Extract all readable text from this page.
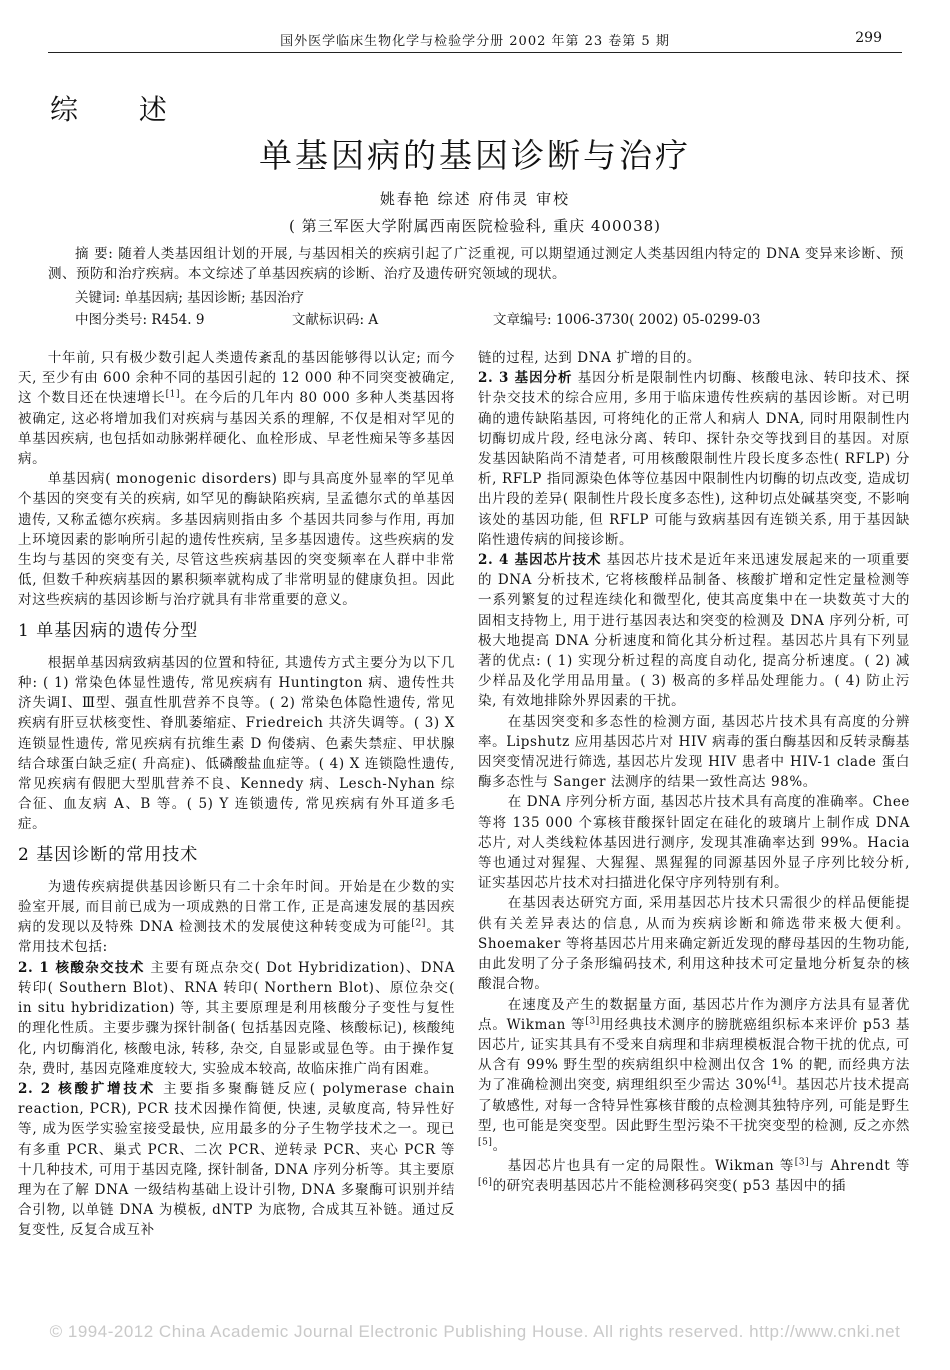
国外医学临床生物化学与检验学分册 2002 年第 23 卷第 5 期	299
综 述
单基因病的基因诊断与治疗
姚春艳 综述 府伟灵 审校
( 第三军医大学附属西南医院检验科, 重庆 400038)
摘 要: 随着人类基因组计划的开展, 与基因相关的疾病引起了广泛重视, 可以期望通过测定人类基因组内特定的 DNA 变异来诊断、预测、预防和治疗疾病。本文综述了单基因疾病的诊断、治疗及遗传研究领域的现状。
关键词: 单基因病; 基因诊断; 基因治疗
中图分类号: R454. 9	文献标识码: A	文章编号: 1006-3730( 2002) 05-0299-03

十年前, 只有极少数引起人类遗传紊乱的基因能够得以认定; 而今天, 至少有由 600 余种不同的基因引起的 12 000 种不同突变被确定, 这 个数目还在快速增长[1]。在今后的几年内 80 000 多种人类基因将被确定, 这必将增加我们对疾病与基因关系的理解, 不仅是相对罕见的单基因疾病, 也包括如动脉粥样硬化、血栓形成、早老性痴呆等多基因病。

单基因病( monogenic disorders) 即与具高度外显率的罕见单 个基因的突变有关的疾病, 如罕见的酶缺陷疾病, 呈孟德尔式的单基因遗传, 又称孟德尔疾病。多基因病则指由多 个基因共同参与作用, 再加上环境因素的影响所引起的遗传性疾病, 呈多基因遗传。这些疾病的发生均与基因的突变有关, 尽管这些疾病基因的突变频率在人群中非常低, 但数千种疾病基因的累积频率就构成了非常明显的健康负担。因此对这些疾病的基因诊断与治疗就具有非常重要的意义。

1 单基因病的遗传分型

根据单基因病致病基因的位置和特征, 其遗传方式主要分为以下几种: ( 1) 常染色体显性遗传, 常见疾病有 Huntington 病、遗传性共济失调Ⅰ、Ⅲ型、强直性肌营养不良等。( 2) 常染色体隐性遗传, 常见疾病有肝豆状核变性、脊肌萎缩症、Friedreich 共济失调等。( 3) X 连锁显性遗传, 常见疾病有抗维生素 D 佝偻病、色素失禁症、甲状腺结合球蛋白缺乏症( 升高症)、低磷酸盐血症等。( 4) X 连锁隐性遗传, 常见疾病有假肥大型肌营养不良、Kennedy 病、Lesch-Nyhan 综合征、血友病 A、B 等。( 5) Y 连锁遗传, 常见疾病有外耳道多毛症。

2 基因诊断的常用技术

为遗传疾病提供基因诊断只有二十余年时间。开始是在少数的实验室开展, 而目前已成为一项成熟的日常工作, 正是高速发展的基因疾病的发现以及特殊 DNA 检测技术的发展使这种转变成为可能[2]。其常用技术包括:

2. 1 核酸杂交技术 主要有斑点杂交( Dot Hybridization)、DNA 转印( Southern Blot)、RNA 转印( Northern Blot)、原位杂交( in situ hybridization) 等, 其主要原理是利用核酸分子变性与复性的理化性质。主要步骤为探针制备( 包括基因克隆、核酸标记), 核酸纯化, 内切酶消化, 核酸电泳, 转移, 杂交, 自显影或显色等。由于操作复杂, 费时, 基因克隆难度较大, 实验成本较高, 故临床推广尚有困难。

2. 2 核酸扩增技术 主要指多聚酶链反应( polymerase chain reaction, PCR), PCR 技术因操作简便, 快速, 灵敏度高, 特异性好等, 成为医学实验室接受最快, 应用最多的分子生物学技术之一。现已有多重 PCR、巢式 PCR、二次 PCR、逆转录 PCR、夹心 PCR 等十几种技术, 可用于基因克隆, 探针制备, DNA 序列分析等。其主要原理为在了解 DNA 一级结构基础上设计引物, DNA 多聚酶可识别并结合引物, 以单链 DNA 为模板, dNTP 为底物, 合成其互补链。通过反复变性, 反复合成互补

链的过程, 达到 DNA 扩增的目的。

2. 3 基因分析 基因分析是限制性内切酶、核酸电泳、转印技术、探针杂交技术的综合应用, 多用于临床遗传性疾病的基因诊断。对已明确的遗传缺陷基因, 可将纯化的正常人和病人 DNA, 同时用限制性内切酶切成片段, 经电泳分离、转印、探针杂交等找到目的基因。对原发基因缺陷尚不清楚者, 可用核酸限制性片段长度多态性( RFLP) 分析, RFLP 指同源染色体等位基因中限制性内切酶的切点改变, 造成切出片段的差异( 限制性片段长度多态性), 这种切点处碱基突变, 不影响该处的基因功能, 但 RFLP 可能与致病基因有连锁关系, 用于基因缺陷性遗传病的间接诊断。

2. 4 基因芯片技术 基因芯片技术是近年来迅速发展起来的一项重要的 DNA 分析技术, 它将核酸样品制备、核酸扩增和定性定量检测等一系列繁复的过程连续化和微型化, 使其高度集中在一块数英寸大的固相支持物上, 用于进行基因表达和突变的检测及 DNA 序列分析, 可极大地提高 DNA 分析速度和简化其分析过程。基因芯片具有下列显著的优点: ( 1) 实现分析过程的高度自动化, 提高分析速度。( 2) 减少样品及化学用品用量。( 3) 极高的多样品处理能力。( 4) 防止污染, 有效地排除外界因素的干扰。

在基因突变和多态性的检测方面, 基因芯片技术具有高度的分辨率。Lipshutz 应用基因芯片对 HIV 病毒的蛋白酶基因和反转录酶基因突变情况进行筛选, 基因芯片发现 HIV 患者中 HIV-1 clade 蛋白酶多态性与 Sanger 法测序的结果一致性高达 98%。

在 DNA 序列分析方面, 基因芯片技术具有高度的准确率。Chee 等将 135 000 个寡核苷酸探针固定在硅化的玻璃片上制作成 DNA 芯片, 对人类线粒体基因进行测序, 发现其准确率达到 99%。Hacia 等也通过对猩猩、大猩猩、黑猩猩的同源基因外显子序列比较分析, 证实基因芯片技术对扫描进化保守序列特别有利。

在基因表达研究方面, 采用基因芯片技术只需很少的样品便能提供有关差异表达的信息, 从而为疾病诊断和筛选带来极大便利。Shoemaker 等将基因芯片用来确定新近发现的酵母基因的生物功能, 由此发明了分子条形编码技术, 利用这种技术可定量地分析复杂的核酸混合物。

在速度及产生的数据量方面, 基因芯片作为测序方法具有显著优点。Wikman 等[3]用经典技术测序的膀胱癌组织标本来评价 p53 基因芯片, 证实其具有不受来自病理和非病理模板混合物干扰的优点, 可从含有 99% 野生型的疾病组织中检测出仅含 1% 的靶, 而经典方法为了准确检测出突变, 病理组织至少需达 30%[4]。基因芯片技术提高了敏感性, 对每一含特异性寡核苷酸的点检测其独特序列, 可能是野生型, 也可能是突变型。因此野生型污染不干扰突变型的检测, 反之亦然[5]。

基因芯片也具有一定的局限性。Wikman 等[3]与 Ahrendt 等[6]的研究表明基因芯片不能检测移码突变( p53 基因中的插

© 1994-2012 China Academic Journal Electronic Publishing House. All rights reserved. http://www.cnki.net
